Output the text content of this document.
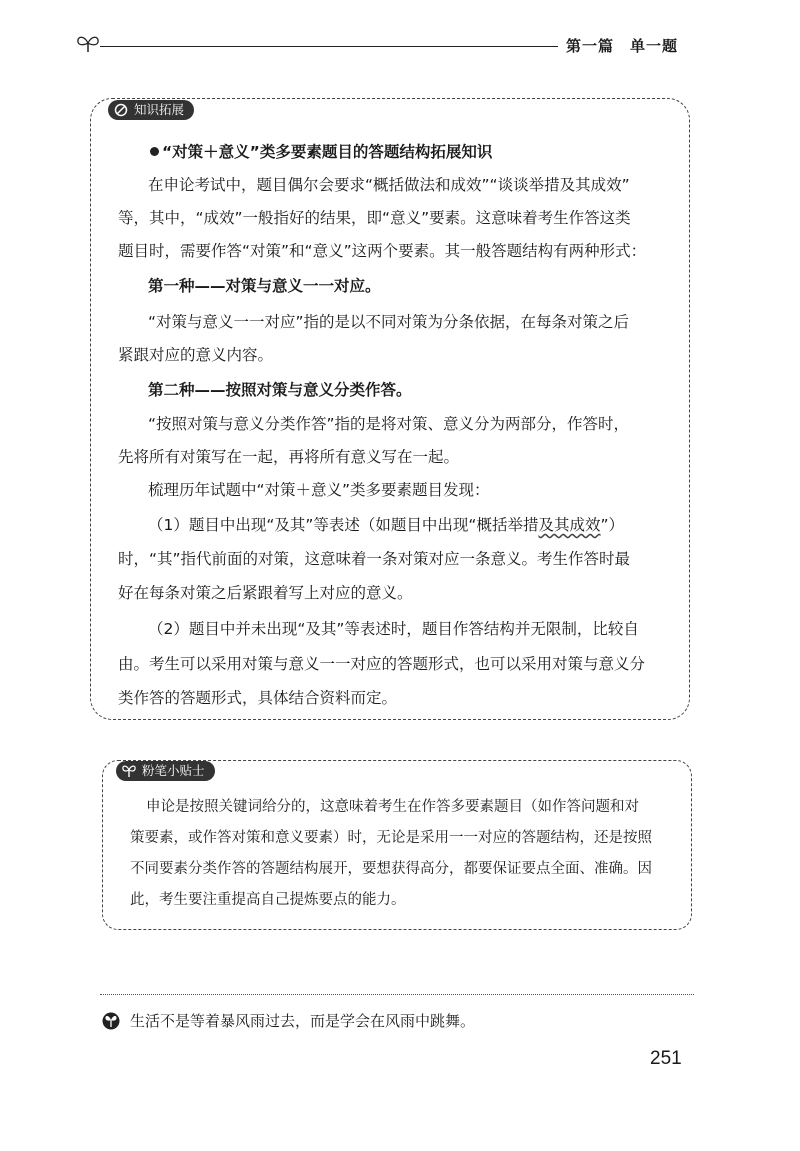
第一篇　单一题
知识拓展
“对策＋意义”类多要素题目的答题结构拓展知识
在申论考试中，题目偶尔会要求“概括做法和成效”“谈谈举措及其成效”
等，其中，“成效”一般指好的结果，即“意义”要素。这意味着考生作答这类
题目时，需要作答“对策”和“意义”这两个要素。其一般答题结构有两种形式：
第一种——对策与意义一一对应。
“对策与意义一一对应”指的是以不同对策为分条依据，在每条对策之后
紧跟对应的意义内容。
第二种——按照对策与意义分类作答。
“按照对策与意义分类作答”指的是将对策、意义分为两部分，作答时，
先将所有对策写在一起，再将所有意义写在一起。
梳理历年试题中“对策＋意义”类多要素题目发现：
（1）题目中出现“及其”等表述（如题目中出现“概括举措及其成效”）
时，“其”指代前面的对策，这意味着一条对策对应一条意义。考生作答时最
好在每条对策之后紧跟着写上对应的意义。
（2）题目中并未出现“及其”等表述时，题目作答结构并无限制，比较自
由。考生可以采用对策与意义一一对应的答题形式，也可以采用对策与意义分
类作答的答题形式，具体结合资料而定。
粉笔小贴士
申论是按照关键词给分的，这意味着考生在作答多要素题目（如作答问题和对
策要素，或作答对策和意义要素）时，无论是采用一一对应的答题结构，还是按照
不同要素分类作答的答题结构展开，要想获得高分，都要保证要点全面、准确。因
此，考生要注重提高自己提炼要点的能力。
生活不是等着暴风雨过去，而是学会在风雨中跳舞。
251
